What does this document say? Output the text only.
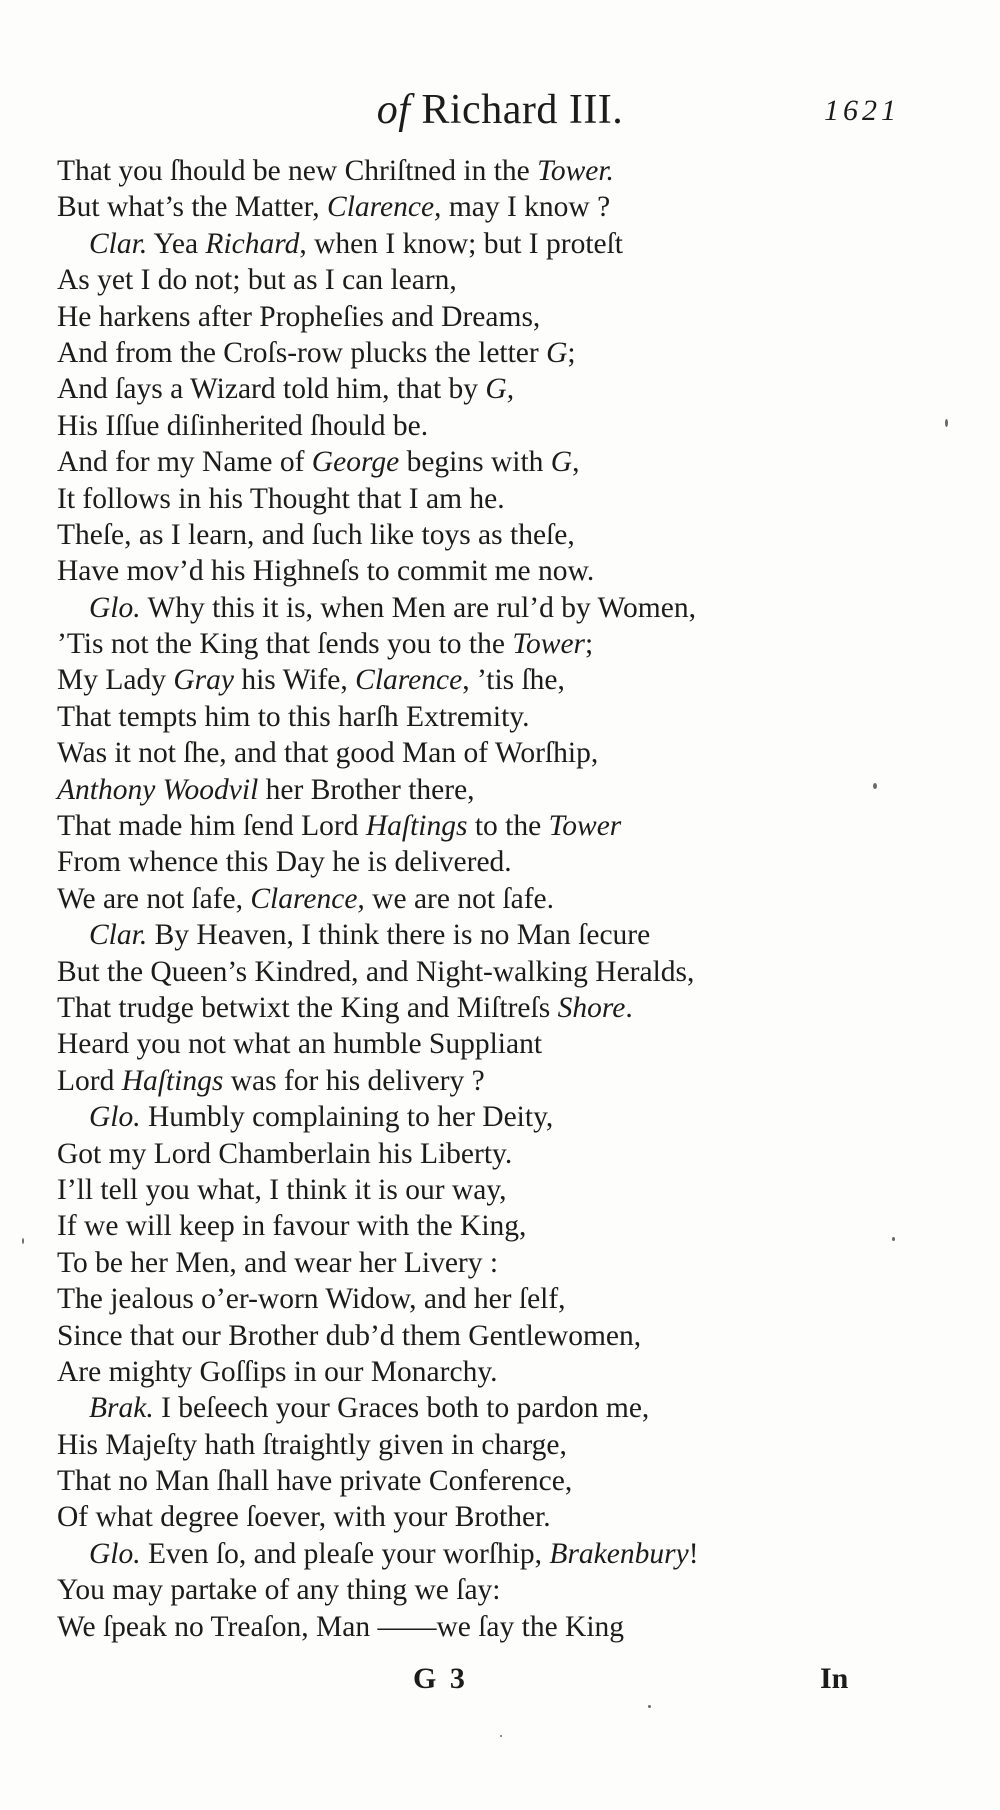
of Richard III.	1621
That you ſhould be new Chriſtned in the Tower.
But what’s the Matter, Clarence, may I know ?
Clar. Yea Richard, when I know; but I proteſt
As yet I do not; but as I can learn,
He harkens after Propheſies and Dreams,
And from the Croſs-row plucks the letter G;
And ſays a Wizard told him, that by G,
His Iſſue diſinherited ſhould be.
And for my Name of George begins with G,
It follows in his Thought that I am he.
Theſe, as I learn, and ſuch like toys as theſe,
Have mov’d his Highneſs to commit me now.
Glo. Why this it is, when Men are rul’d by Women,
’Tis not the King that ſends you to the Tower;
My Lady Gray his Wife, Clarence, ’tis ſhe,
That tempts him to this harſh Extremity.
Was it not ſhe, and that good Man of Worſhip,
Anthony Woodvil her Brother there,
That made him ſend Lord Haſtings to the Tower
From whence this Day he is delivered.
We are not ſafe, Clarence, we are not ſafe.
Clar. By Heaven, I think there is no Man ſecure
But the Queen’s Kindred, and Night-walking Heralds,
That trudge betwixt the King and Miſtreſs Shore.
Heard you not what an humble Suppliant
Lord Haſtings was for his delivery ?
Glo. Humbly complaining to her Deity,
Got my Lord Chamberlain his Liberty.
I’ll tell you what, I think it is our way,
If we will keep in favour with the King,
To be her Men, and wear her Livery :
The jealous o’er-worn Widow, and her ſelf,
Since that our Brother dub’d them Gentlewomen,
Are mighty Goſſips in our Monarchy.
Brak. I beſeech your Graces both to pardon me,
His Majeſty hath ſtraightly given in charge,
That no Man ſhall have private Conference,
Of what degree ſoever, with your Brother.
Glo. Even ſo, and pleaſe your worſhip, Brakenbury!
You may partake of any thing we ſay:
We ſpeak no Treaſon, Man ——we ſay the King
G 3	In
